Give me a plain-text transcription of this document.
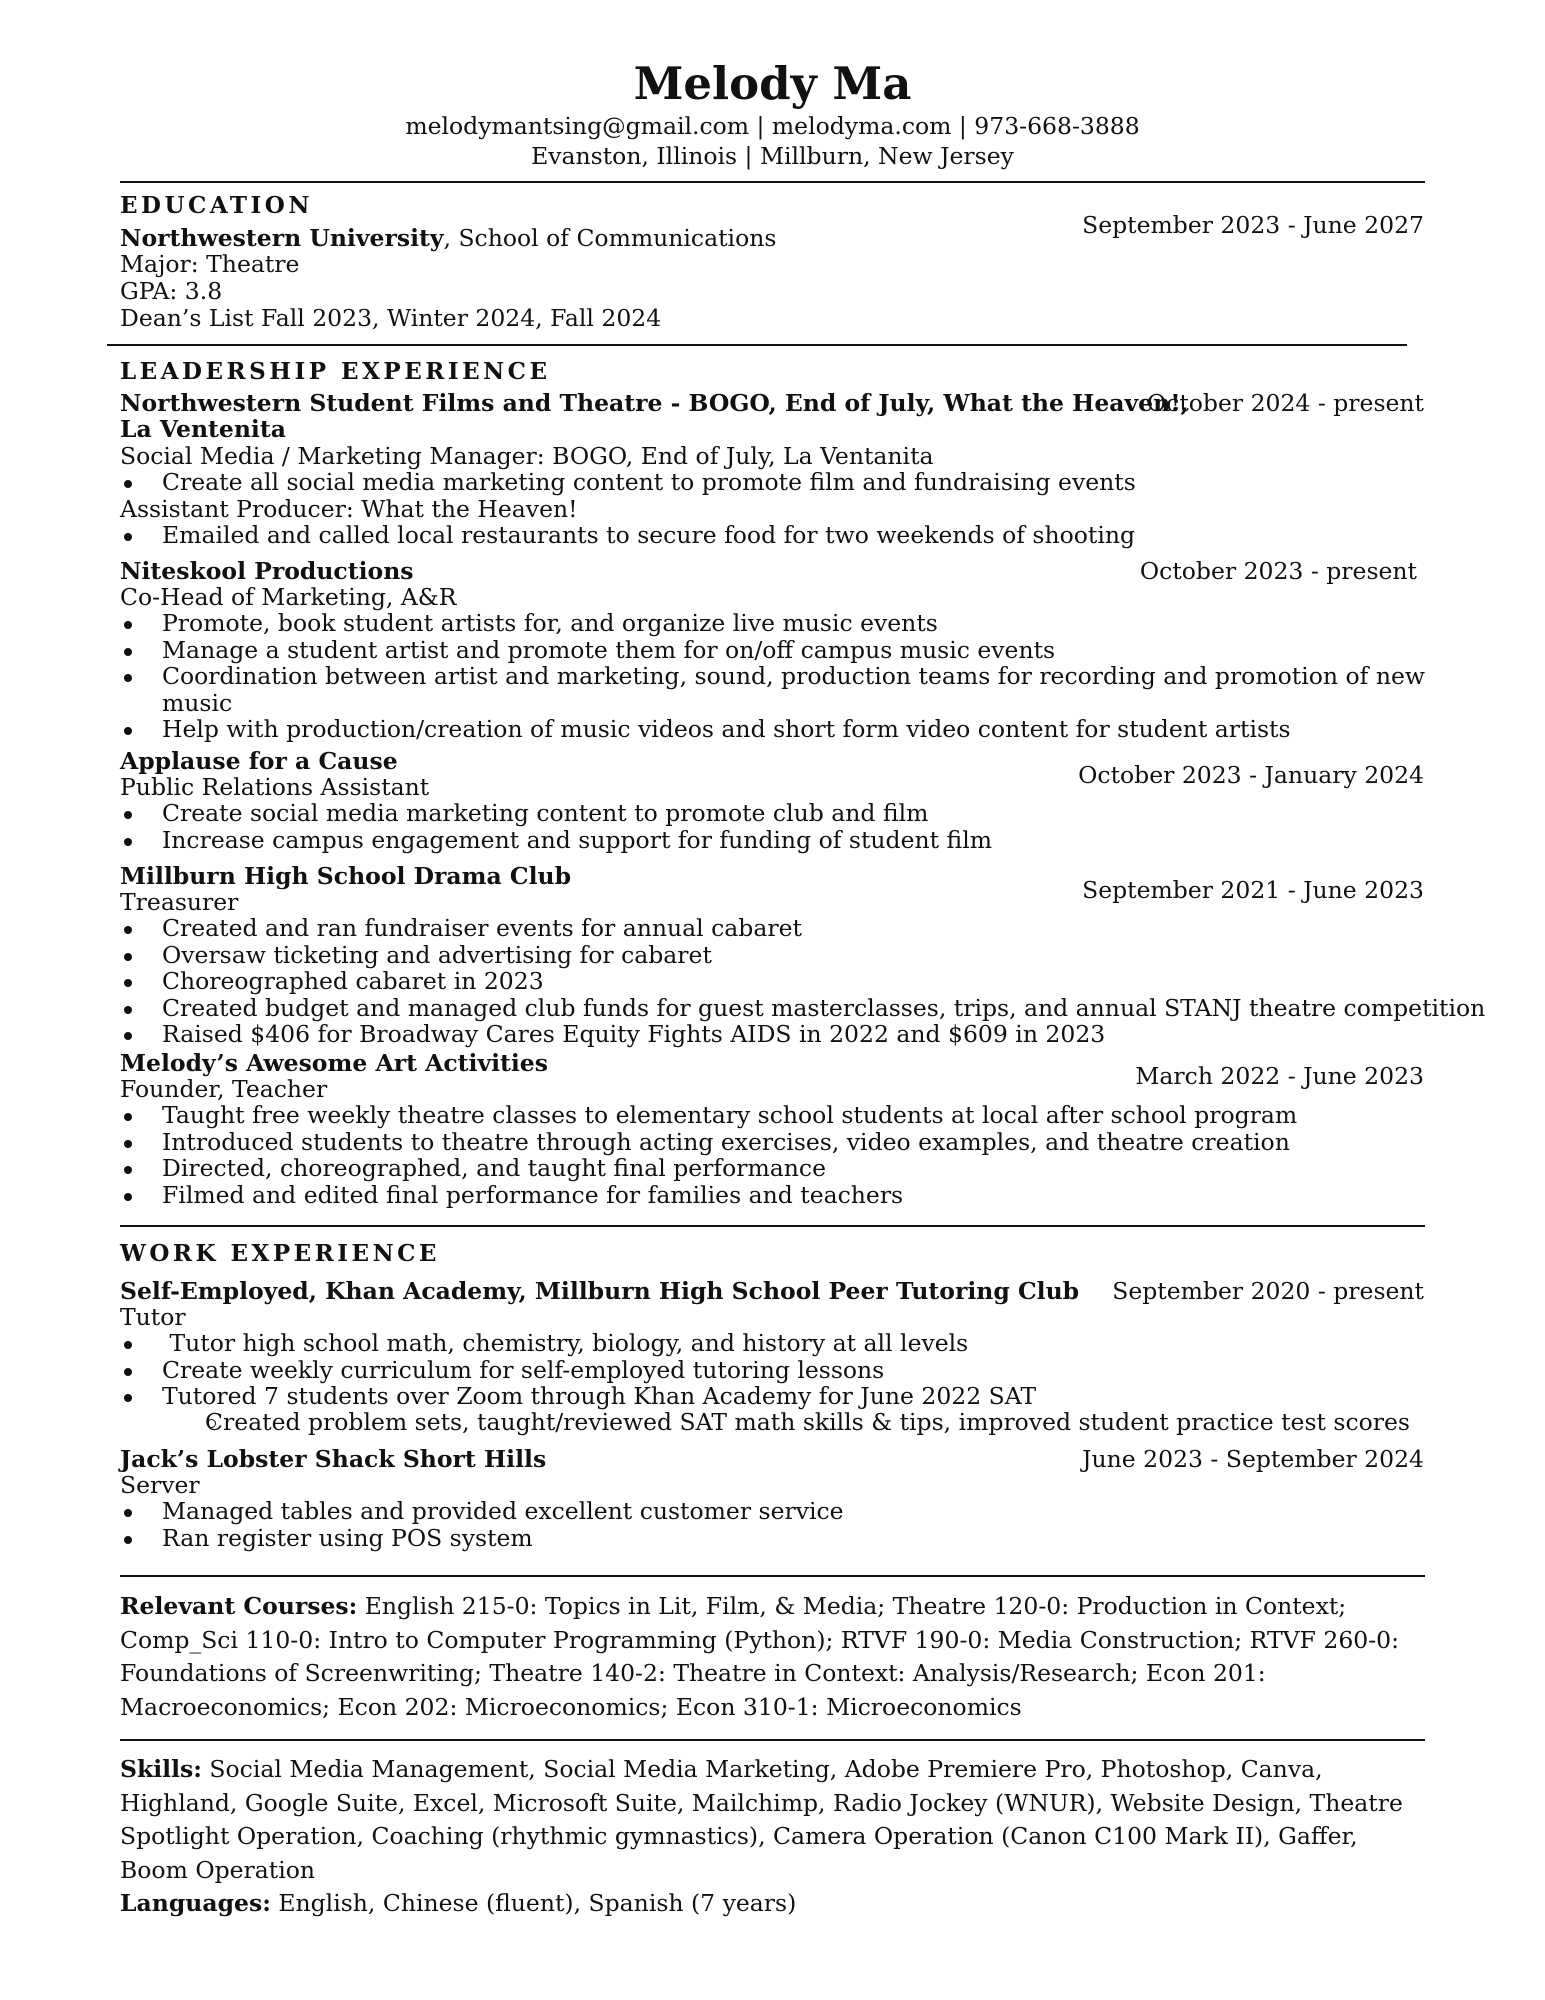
Melody Ma
melodymantsing@gmail.com | melodyma.com | 973-668-3888
Evanston, Illinois | Millburn, New Jersey
EDUCATION
Northwestern University, School of Communications	September 2023 - June 2027
Major: Theatre
GPA: 3.8
Dean’s List Fall 2023, Winter 2024, Fall 2024
LEADERSHIP EXPERIENCE
Northwestern Student Films and Theatre - BOGO, End of July, What the Heaven!,
La Ventenita
October 2024 - present
Social Media / Marketing Manager: BOGO, End of July, La Ventanita
Create all social media marketing content to promote film and fundraising events
Assistant Producer: What the Heaven!
Emailed and called local restaurants to secure food for two weekends of shooting
Niteskool Productions	October 2023 - present
Co-Head of Marketing, A&R
Promote, book student artists for, and organize live music events
Manage a student artist and promote them for on/off campus music events
Coordination between artist and marketing, sound, production teams for recording and promotion of new
music
Help with production/creation of music videos and short form video content for student artists
Applause for a Cause	October 2023 - January 2024
Public Relations Assistant
Create social media marketing content to promote club and film
Increase campus engagement and support for funding of student film
Millburn High School Drama Club	September 2021 - June 2023
Treasurer
Created and ran fundraiser events for annual cabaret
Oversaw ticketing and advertising for cabaret
Choreographed cabaret in 2023
Created budget and managed club funds for guest masterclasses, trips, and annual STANJ theatre competition
Raised $406 for Broadway Cares Equity Fights AIDS in 2022 and $609 in 2023
Melody’s Awesome Art Activities	March 2022 - June 2023
Founder, Teacher
Taught free weekly theatre classes to elementary school students at local after school program
Introduced students to theatre through acting exercises, video examples, and theatre creation
Directed, choreographed, and taught final performance
Filmed and edited final performance for families and teachers
WORK EXPERIENCE
Self-Employed, Khan Academy, Millburn High School Peer Tutoring Club September 2020 - present
Tutor
Tutor high school math, chemistry, biology, and history at all levels
Create weekly curriculum for self-employed tutoring lessons
Tutored 7 students over Zoom through Khan Academy for June 2022 SAT
Created problem sets, taught/reviewed SAT math skills & tips, improved student practice test scores
Jack’s Lobster Shack Short Hills	June 2023 - September 2024
Server
Managed tables and provided excellent customer service
Ran register using POS system
Relevant Courses: English 215-0: Topics in Lit, Film, & Media; Theatre 120-0: Production in Context; Comp_Sci 110-0: Intro to Computer Programming (Python); RTVF 190-0: Media Construction; RTVF 260-0: Foundations of Screenwriting; Theatre 140-2: Theatre in Context: Analysis/Research; Econ 201: Macroeconomics; Econ 202: Microeconomics; Econ 310-1: Microeconomics
Skills: Social Media Management, Social Media Marketing, Adobe Premiere Pro, Photoshop, Canva, Highland, Google Suite, Excel, Microsoft Suite, Mailchimp, Radio Jockey (WNUR), Website Design, Theatre Spotlight Operation, Coaching (rhythmic gymnastics), Camera Operation (Canon C100 Mark II), Gaffer, Boom Operation
Languages: English, Chinese (fluent), Spanish (7 years)
